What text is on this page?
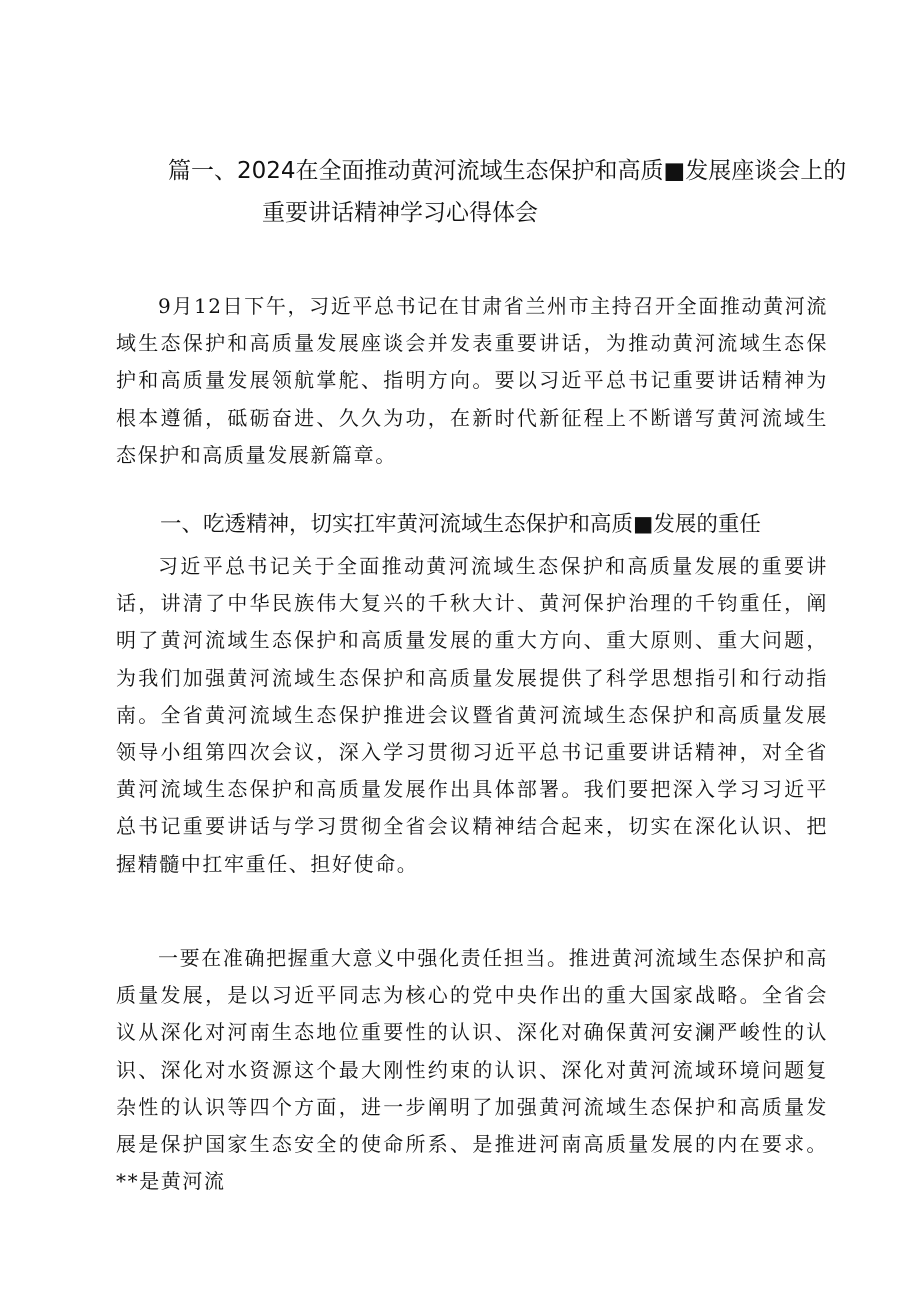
篇一、2024在全面推动黄河流域生态保护和高质■发展座谈会上的
重要讲话精神学习心得体会

9月12日下午，习近平总书记在甘肃省兰州市主持召开全面推动黄河流域生态保护和高质量发展座谈会并发表重要讲话，为推动黄河流域生态保护和高质量发展领航掌舵、指明方向。要以习近平总书记重要讲话精神为根本遵循，砥砺奋进、久久为功，在新时代新征程上不断谱写黄河流域生态保护和高质量发展新篇章。

一、吃透精神，切实扛牢黄河流域生态保护和高质■发展的重任

习近平总书记关于全面推动黄河流域生态保护和高质量发展的重要讲话，讲清了中华民族伟大复兴的千秋大计、黄河保护治理的千钧重任，阐明了黄河流域生态保护和高质量发展的重大方向、重大原则、重大问题，为我们加强黄河流域生态保护和高质量发展提供了科学思想指引和行动指南。全省黄河流域生态保护推进会议暨省黄河流域生态保护和高质量发展领导小组第四次会议，深入学习贯彻习近平总书记重要讲话精神，对全省黄河流域生态保护和高质量发展作出具体部署。我们要把深入学习习近平总书记重要讲话与学习贯彻全省会议精神结合起来，切实在深化认识、把握精髓中扛牢重任、担好使命。

一要在准确把握重大意义中强化责任担当。推进黄河流域生态保护和高质量发展，是以习近平同志为核心的党中央作出的重大国家战略。全省会议从深化对河南生态地位重要性的认识、深化对确保黄河安澜严峻性的认识、深化对水资源这个最大刚性约束的认识、深化对黄河流域环境问题复杂性的认识等四个方面，进一步阐明了加强黄河流域生态保护和高质量发展是保护国家生态安全的使命所系、是推进河南高质量发展的内在要求。**是黄河流
